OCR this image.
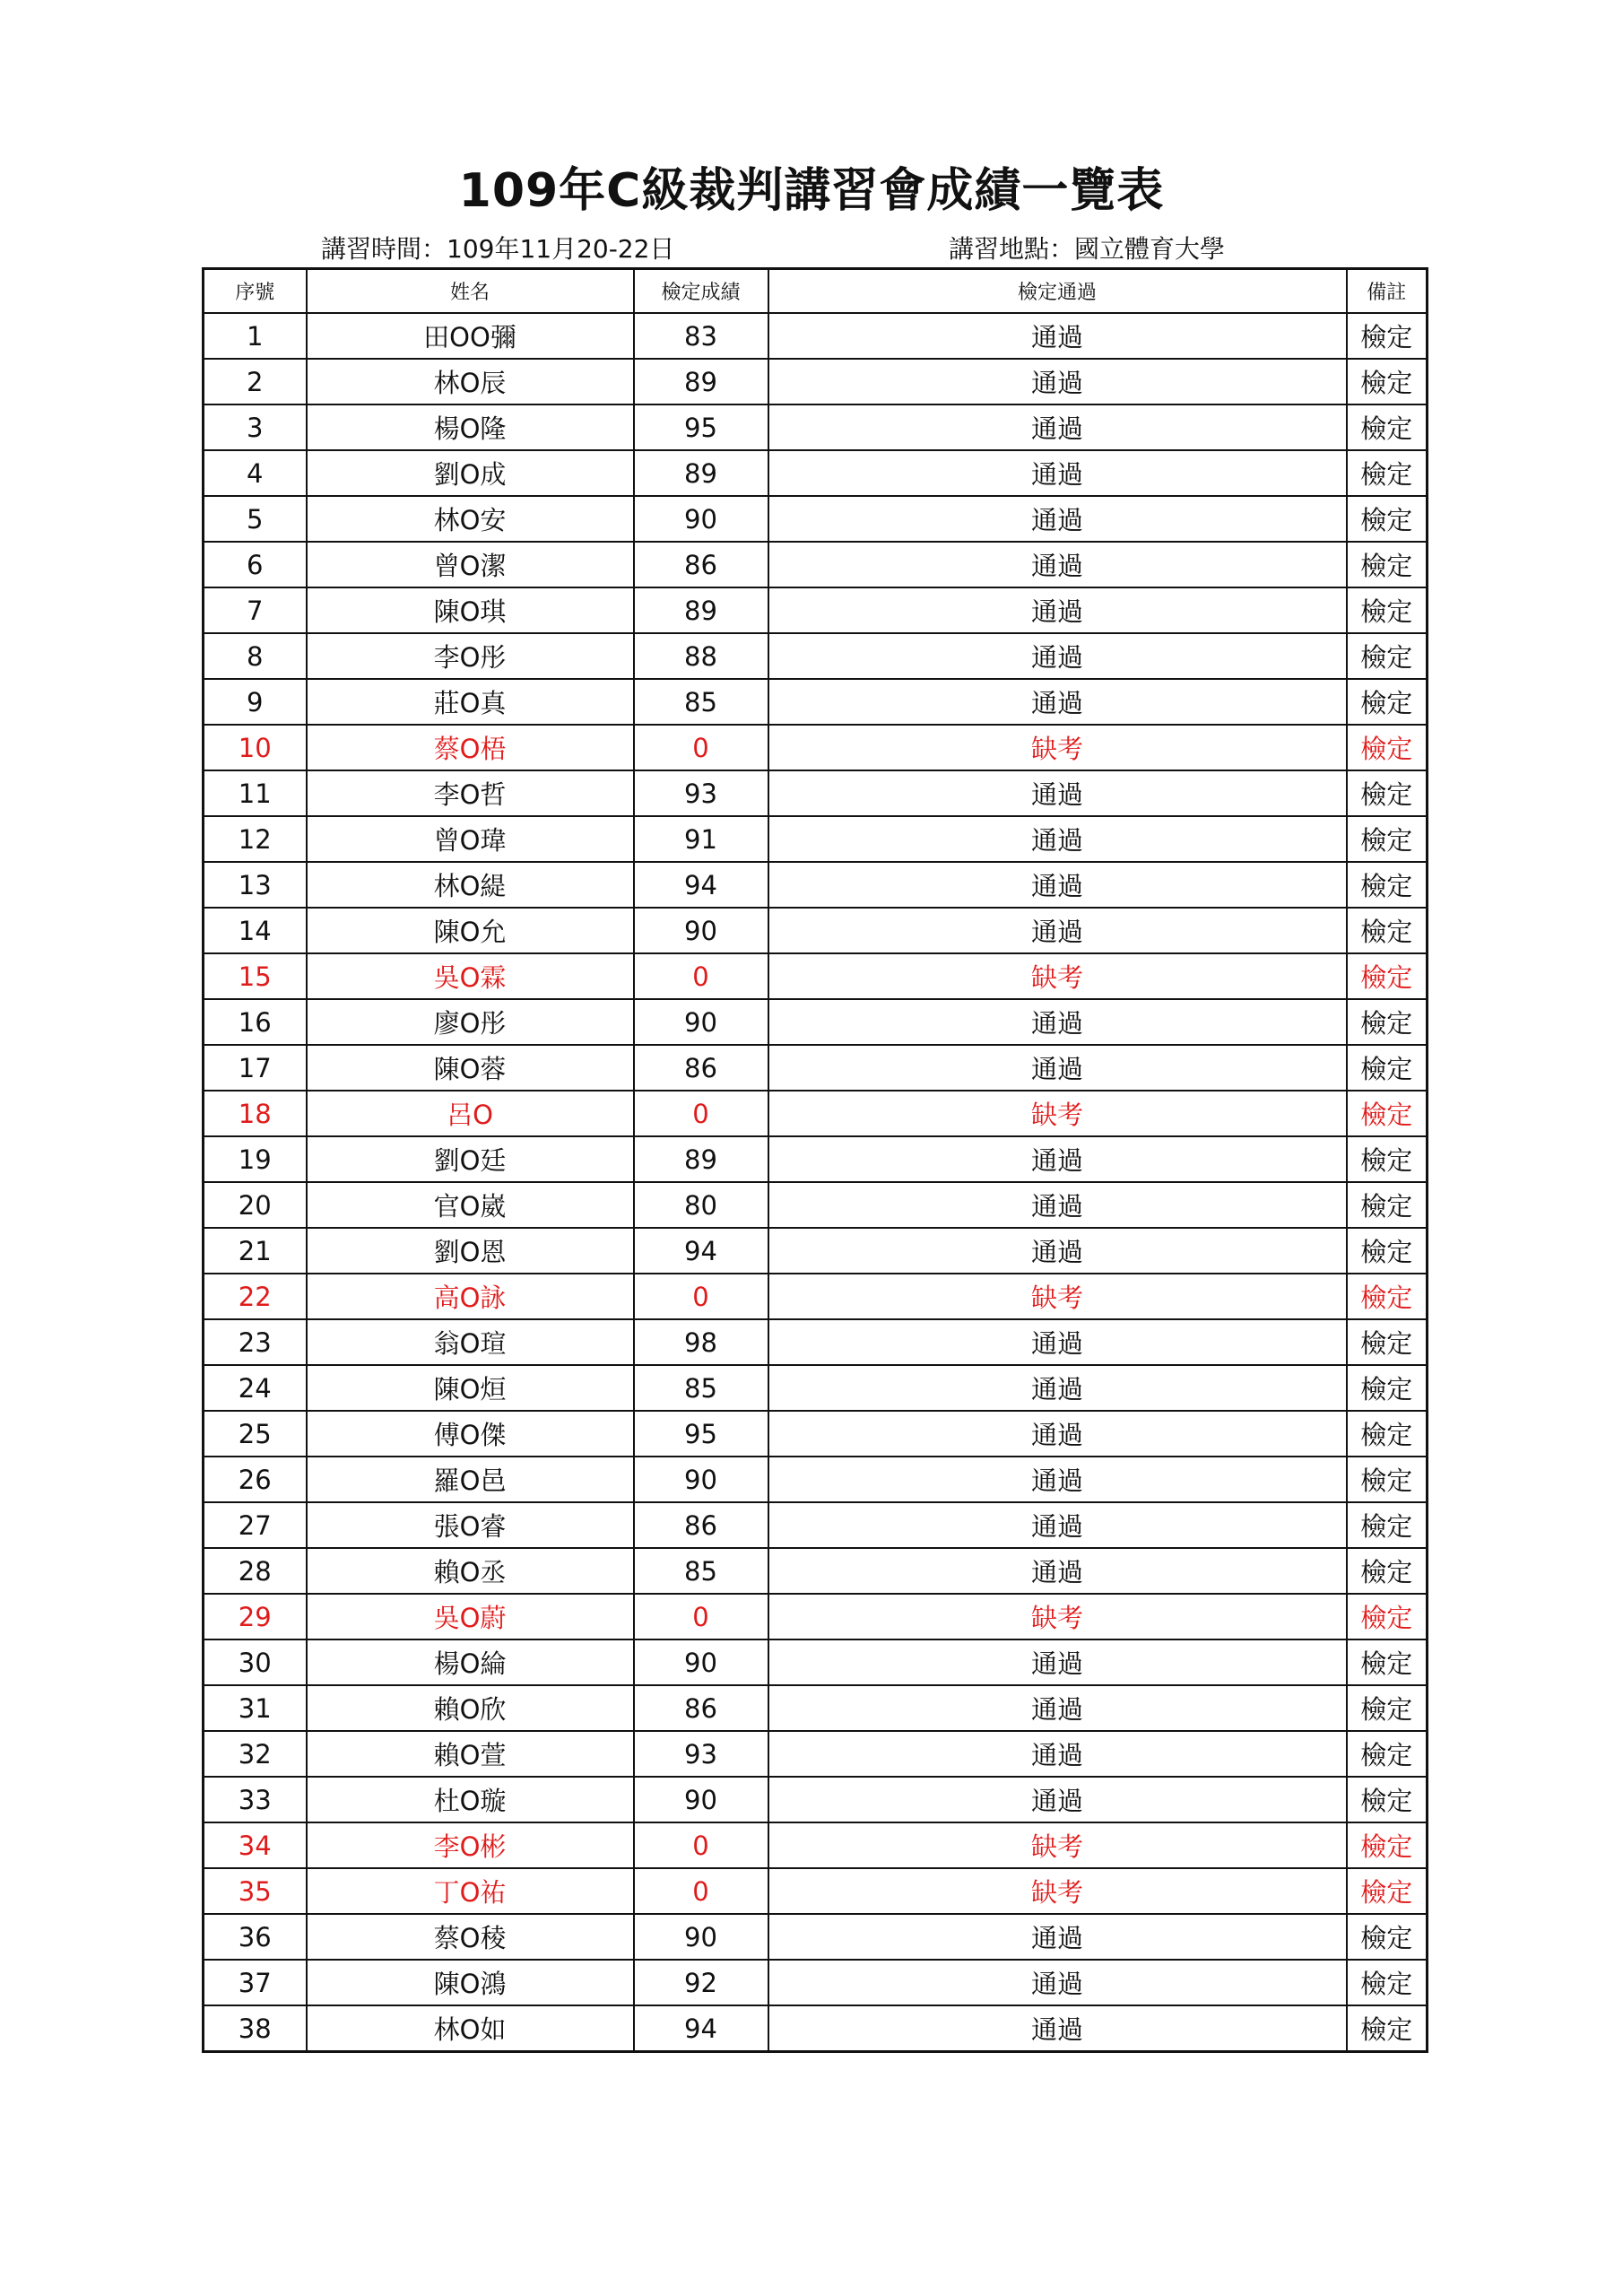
109年C級裁判講習會成績一覽表
講習時間：109年11月20-22日	講習地點：國立體育大學
序號	姓名	檢定成績	檢定通過	備註
1	田OO彌	83	通過	檢定
2	林O辰	89	通過	檢定
3	楊O隆	95	通過	檢定
4	劉O成	89	通過	檢定
5	林O安	90	通過	檢定
6	曾O潔	86	通過	檢定
7	陳O琪	89	通過	檢定
8	李O彤	88	通過	檢定
9	莊O真	85	通過	檢定
10	蔡O梧	0	缺考	檢定
11	李O哲	93	通過	檢定
12	曾O瑋	91	通過	檢定
13	林O緹	94	通過	檢定
14	陳O允	90	通過	檢定
15	吳O霖	0	缺考	檢定
16	廖O彤	90	通過	檢定
17	陳O蓉	86	通過	檢定
18	呂O	0	缺考	檢定
19	劉O廷	89	通過	檢定
20	官O崴	80	通過	檢定
21	劉O恩	94	通過	檢定
22	高O詠	0	缺考	檢定
23	翁O瑄	98	通過	檢定
24	陳O烜	85	通過	檢定
25	傅O傑	95	通過	檢定
26	羅O邑	90	通過	檢定
27	張O睿	86	通過	檢定
28	賴O丞	85	通過	檢定
29	吳O蔚	0	缺考	檢定
30	楊O綸	90	通過	檢定
31	賴O欣	86	通過	檢定
32	賴O萱	93	通過	檢定
33	杜O璇	90	通過	檢定
34	李O彬	0	缺考	檢定
35	丁O祐	0	缺考	檢定
36	蔡O稜	90	通過	檢定
37	陳O鴻	92	通過	檢定
38	林O如	94	通過	檢定
